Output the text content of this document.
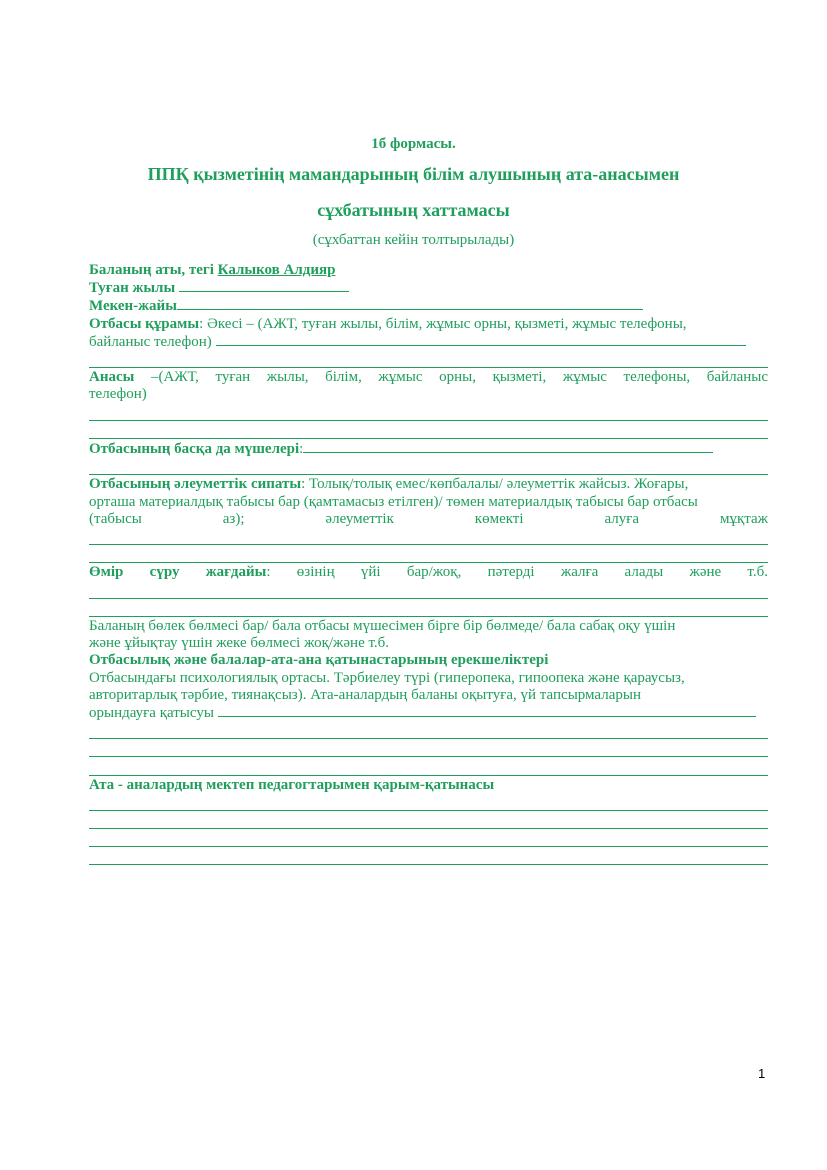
1б формасы.
ППҚ қызметінің мамандарының білім алушының ата-анасымен
сұхбатының хаттамасы
(сұхбаттан кейін толтырылады)

Баланың аты, тегі Калыков Алдияр

Туған жылы

Мекен-жайы

Отбасы құрамы: Әкесі – (АЖТ, туған жылы, білім, жұмыс орны, қызметі, жұмыс телефоны,

байланыс телефон)

Анасы –(АЖТ, туған жылы, білім, жұмыс орны, қызметі, жұмыс телефоны, байланыс

телефон)

Отбасының басқа да мүшелері:

Отбасының әлеуметтік сипаты: Толық/толық емес/көпбалалы/ әлеуметтік жайсыз. Жоғары,

орташа материалдық табысы бар (қамтамасыз етілген)/ төмен материалдық табысы бар отбасы

(табысы аз); әлеуметтік көмекті алуға мұқтаж

Өмір сүру жағдайы: өзінің үйі бар/жоқ, пәтерді жалға алады және т.б.

Баланың бөлек бөлмесі бар/ бала отбасы мүшесімен бірге бір бөлмеде/ бала сабақ оқу үшін

және ұйықтау үшін жеке бөлмесі жоқ/және т.б.

Отбасылық және балалар-ата-ана қатынастарының ерекшеліктері

Отбасындағы психологиялық ортасы. Тәрбиелеу түрі (гиперопека, гипоопека және қараусыз,

авторитарлық тәрбие, тиянақсыз). Ата-аналардың баланы оқытуға, үй тапсырмаларын

орындауға қатысуы

Ата - аналардың мектеп педагогтарымен қарым-қатынасы

1
